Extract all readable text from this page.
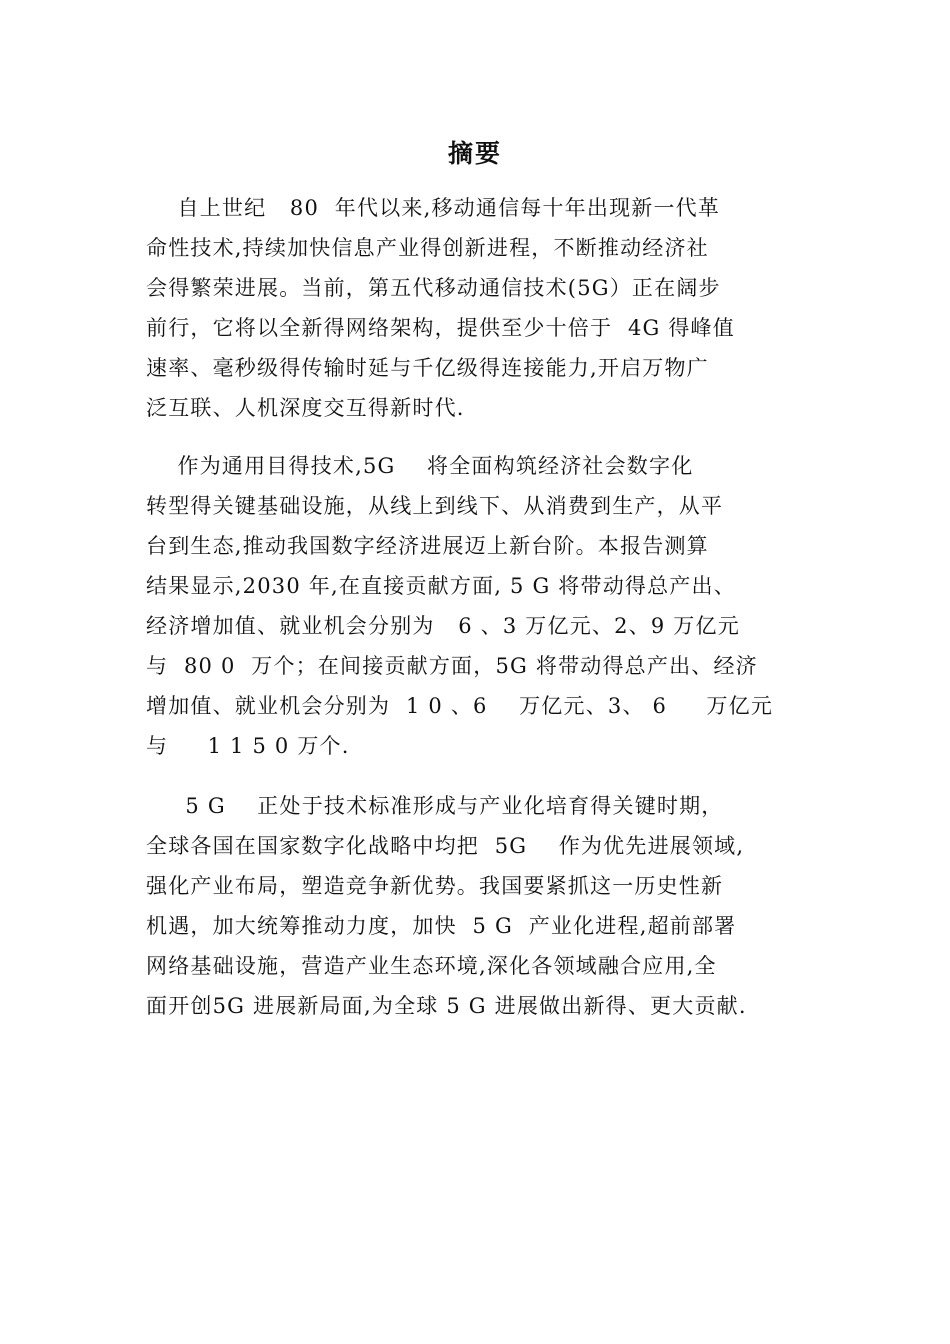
摘要
自上世纪   80  年代以来,移动通信每十年出现新一代革
命性技术,持续加快信息产业得创新进程，不断推动经济社
会得繁荣进展。当前，第五代移动通信技术(5G）正在阔步
前行，它将以全新得网络架构，提供至少十倍于  4G 得峰值
速率、毫秒级得传输时延与千亿级得连接能力,开启万物广
泛互联、人机深度交互得新时代.
作为通用目得技术,5G    将全面构筑经济社会数字化
转型得关键基础设施，从线上到线下、从消费到生产，从平
台到生态,推动我国数字经济进展迈上新台阶。本报告测算
结果显示,2030 年,在直接贡献方面, 5 G 将带动得总产出、
经济增加值、就业机会分别为   6 、3 万亿元、2、9 万亿元
与  80 0  万个；在间接贡献方面，5G 将带动得总产出、经济
增加值、就业机会分别为  1 0 、6    万亿元、3、 6     万亿元
与     1 1 5 0 万个.
5 G    正处于技术标准形成与产业化培育得关键时期，
全球各国在国家数字化战略中均把  5G    作为优先进展领域,
强化产业布局，塑造竞争新优势。我国要紧抓这一历史性新
机遇，加大统筹推动力度，加快  5 G  产业化进程,超前部署
网络基础设施，营造产业生态环境,深化各领域融合应用,全
面开创5G 进展新局面,为全球 5 G 进展做出新得、更大贡献.
